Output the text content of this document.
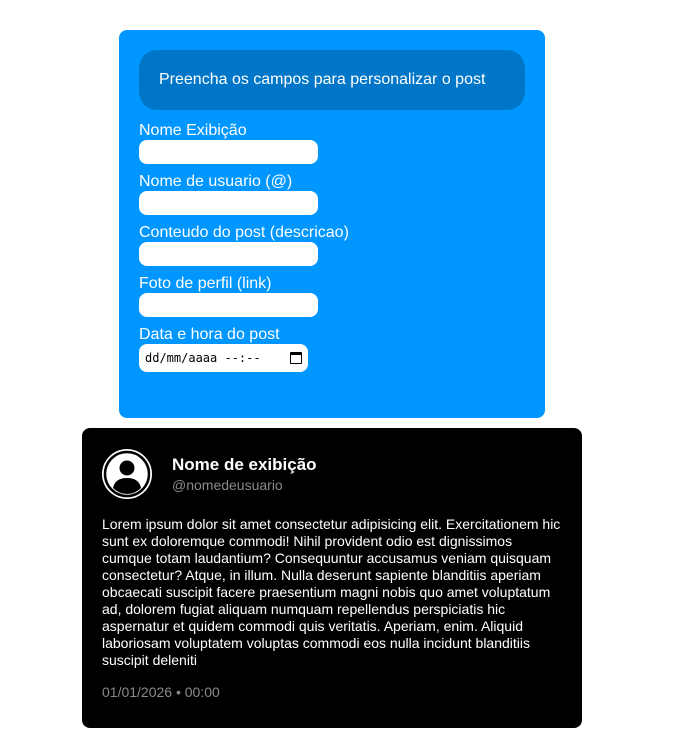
Preencha os campos para personalizar o post
Nome Exibição
Nome de usuario (@)
Conteudo do post (descricao)
Foto de perfil (link)
Data e hora do post
dd/mm/aaaa --:--
Nome de exibição
@nomedeusuario
Lorem ipsum dolor sit amet consectetur adipisicing elit. Exercitationem hic sunt ex doloremque commodi! Nihil provident odio est dignissimos cumque totam laudantium? Consequuntur accusamus veniam quisquam consectetur? Atque, in illum. Nulla deserunt sapiente blanditiis aperiam obcaecati suscipit facere praesentium magni nobis quo amet voluptatum ad, dolorem fugiat aliquam numquam repellendus perspiciatis hic aspernatur et quidem commodi quis veritatis. Aperiam, enim. Aliquid laboriosam voluptatem voluptas commodi eos nulla incidunt blanditiis suscipit deleniti
01/01/2026 • 00:00
